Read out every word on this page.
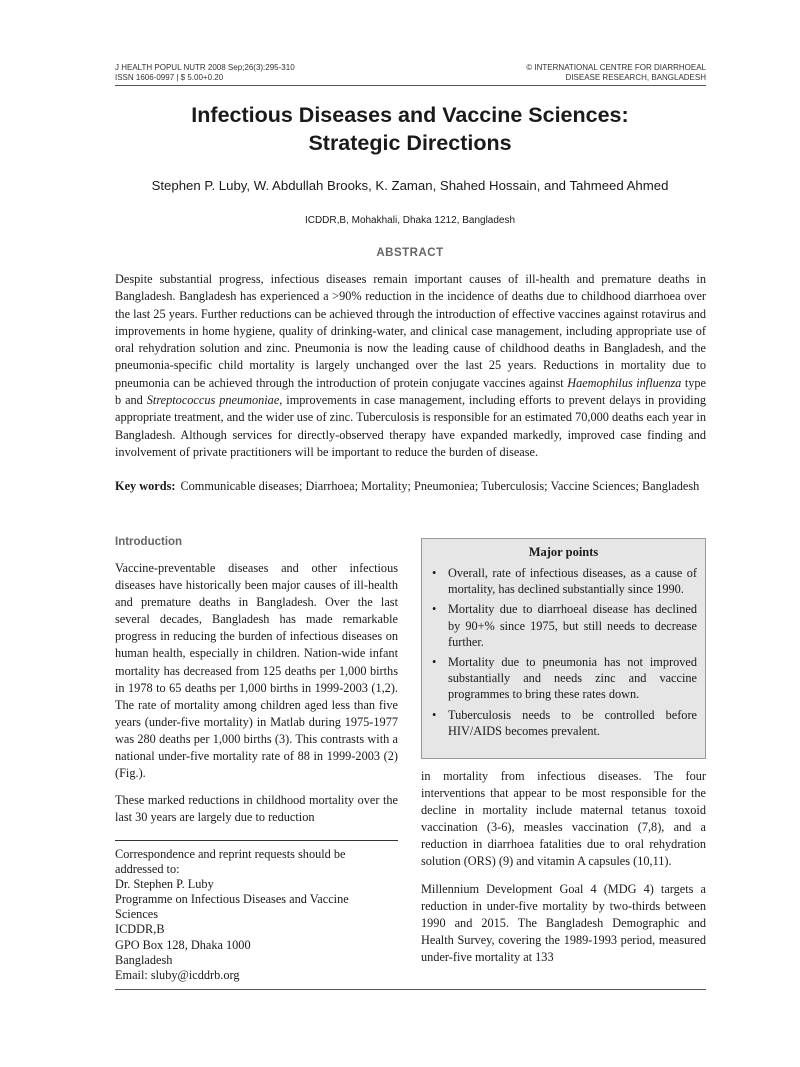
J HEALTH POPUL NUTR 2008 Sep;26(3):295-310
ISSN 1606-0997 | $ 5.00+0.20
© INTERNATIONAL CENTRE FOR DIARRHOEAL
DISEASE RESEARCH, BANGLADESH
Infectious Diseases and Vaccine Sciences:
Strategic Directions
Stephen P. Luby, W. Abdullah Brooks, K. Zaman, Shahed Hossain, and Tahmeed Ahmed
ICDDR,B, Mohakhali, Dhaka 1212, Bangladesh
ABSTRACT
Despite substantial progress, infectious diseases remain important causes of ill-health and premature deaths in Bangladesh. Bangladesh has experienced a >90% reduction in the incidence of deaths due to childhood diarrhoea over the last 25 years. Further reductions can be achieved through the introduction of effective vaccines against rotavirus and improvements in home hygiene, quality of drinking-water, and clinical case management, including appropriate use of oral rehydration solution and zinc. Pneumonia is now the leading cause of childhood deaths in Bangladesh, and the pneumonia-specific child mortality is largely unchanged over the last 25 years. Reductions in mortality due to pneumonia can be achieved through the introduction of protein conjugate vaccines against Haemophilus influenza type b and Streptococcus pneumoniae, improvements in case management, including efforts to prevent delays in providing appropriate treatment, and the wider use of zinc. Tuberculosis is responsible for an estimated 70,000 deaths each year in Bangladesh. Although services for directly-observed therapy have expanded markedly, improved case finding and involvement of private practitioners will be important to reduce the burden of disease.
Key words: Communicable diseases; Diarrhoea; Mortality; Pneumoniea; Tuberculosis; Vaccine Sciences; Bangladesh
Introduction

Vaccine-preventable diseases and other infectious diseases have historically been major causes of ill-health and premature deaths in Bangladesh. Over the last several decades, Bangladesh has made remarkable progress in reducing the burden of infectious diseases on human health, especially in children. Nation-wide infant mortality has decreased from 125 deaths per 1,000 births in 1978 to 65 deaths per 1,000 births in 1999-2003 (1,2). The rate of mortality among children aged less than five years (under-five mortality) in Matlab during 1975-1977 was 280 deaths per 1,000 births (3). This contrasts with a national under-five mortality rate of 88 in 1999-2003 (2) (Fig.).

These marked reductions in childhood mortality over the last 30 years are largely due to reduction

Correspondence and reprint requests should be
addressed to:
Dr. Stephen P. Luby
Programme on Infectious Diseases and Vaccine
Sciences
ICDDR,B
GPO Box 128, Dhaka 1000
Bangladesh
Email: sluby@icddrb.org
Major points
• Overall, rate of infectious diseases, as a cause of mortality, has declined substantially since 1990.
• Mortality due to diarrhoeal disease has declined by 90+% since 1975, but still needs to decrease further.
• Mortality due to pneumonia has not improved substantially and needs zinc and vaccine programmes to bring these rates down.
• Tuberculosis needs to be controlled before HIV/AIDS becomes prevalent.

in mortality from infectious diseases. The four interventions that appear to be most responsible for the decline in mortality include maternal tetanus toxoid vaccination (3-6), measles vaccination (7,8), and a reduction in diarrhoea fatalities due to oral rehydration solution (ORS) (9) and vitamin A capsules (10,11).

Millennium Development Goal 4 (MDG 4) targets a reduction in under-five mortality by two-thirds between 1990 and 2015. The Bangladesh Demographic and Health Survey, covering the 1989-1993 period, measured under-five mortality at 133
